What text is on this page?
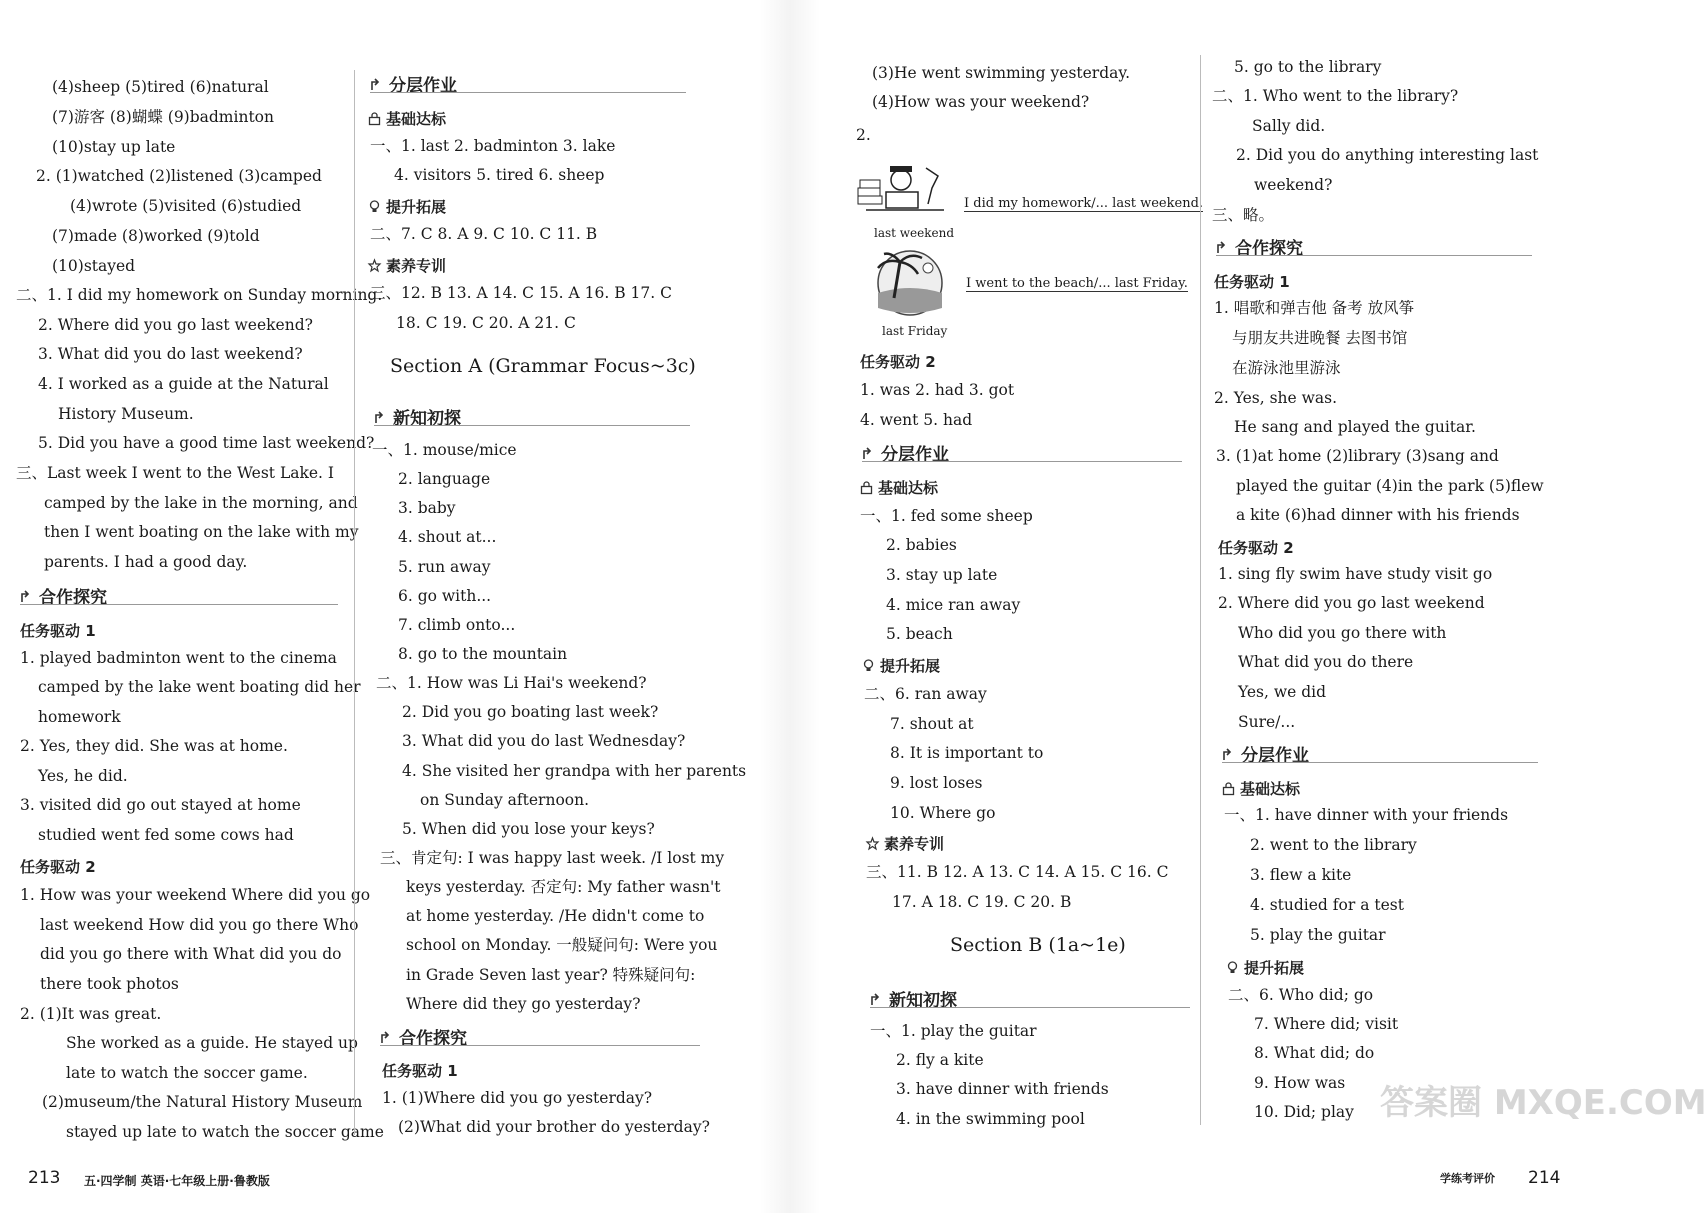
(4)sheep (5)tired (6)natural
(7)游客 (8)蝴蝶 (9)badminton
(10)stay up late
2. (1)watched (2)listened (3)camped
(4)wrote (5)visited (6)studied
(7)made (8)worked (9)told
(10)stayed
二、1. I did my homework on Sunday morning.
2. Where did you go last weekend?
3. What did you do last weekend?
4. I worked as a guide at the Natural
History Museum.
5. Did you have a good time last weekend?
三、Last week I went to the West Lake. I
camped by the lake in the morning, and
then I went boating on the lake with my
parents. I had a good day.
合作探究
任务驱动 1
1. played badminton went to the cinema
camped by the lake went boating did her
homework
2. Yes, they did. She was at home.
Yes, he did.
3. visited did go out stayed at home
studied went fed some cows had
任务驱动 2
1. How was your weekend Where did you go
last weekend How did you go there Who
did you go there with What did you do
there took photos
2. (1)It was great.
She worked as a guide. He stayed up
late to watch the soccer game.
(2)museum/the Natural History Museum
stayed up late to watch the soccer game
分层作业
基础达标
一、1. last 2. badminton 3. lake
4. visitors 5. tired 6. sheep
提升拓展
二、7. C 8. A 9. C 10. C 11. B
素养专训
三、12. B 13. A 14. C 15. A 16. B 17. C
18. C 19. C 20. A 21. C
Section A (Grammar Focus~3c)
新知初探
一、1. mouse/mice
2. language
3. baby
4. shout at...
5. run away
6. go with...
7. climb onto...
8. go to the mountain
二、1. How was Li Hai's weekend?
2. Did you go boating last week?
3. What did you do last Wednesday?
4. She visited her grandpa with her parents
on Sunday afternoon.
5. When did you lose your keys?
三、肯定句: I was happy last week. /I lost my
keys yesterday. 否定句: My father wasn't
at home yesterday. /He didn't come to
school on Monday. 一般疑问句: Were you
in Grade Seven last year? 特殊疑问句:
Where did they go yesterday?
合作探究
任务驱动 1
1. (1)Where did you go yesterday?
(2)What did your brother do yesterday?
213 五·四学制 英语·七年级上册·鲁教版
(3)He went swimming yesterday.
(4)How was your weekend?
2.
I did my homework/... last weekend.
last weekend
I went to the beach/... last Friday.
last Friday
任务驱动 2
1. was 2. had 3. got
4. went 5. had
分层作业
基础达标
一、1. fed some sheep
2. babies
3. stay up late
4. mice ran away
5. beach
提升拓展
二、6. ran away
7. shout at
8. It is important to
9. lost loses
10. Where go
素养专训
三、11. B 12. A 13. C 14. A 15. C 16. C
17. A 18. C 19. C 20. B
Section B (1a~1e)
新知初探
一、1. play the guitar
2. fly a kite
3. have dinner with friends
4. in the swimming pool
5. go to the library
二、1. Who went to the library?
Sally did.
2. Did you do anything interesting last
weekend?
三、略。
合作探究
任务驱动 1
1. 唱歌和弹吉他 备考 放风筝
与朋友共进晚餐 去图书馆
在游泳池里游泳
2. Yes, she was.
He sang and played the guitar.
3. (1)at home (2)library (3)sang and
played the guitar (4)in the park (5)flew
a kite (6)had dinner with his friends
任务驱动 2
1. sing fly swim have study visit go
2. Where did you go last weekend
Who did you go there with
What did you do there
Yes, we did
Sure/...
分层作业
基础达标
一、1. have dinner with your friends
2. went to the library
3. flew a kite
4. studied for a test
5. play the guitar
提升拓展
二、6. Who did; go
7. Where did; visit
8. What did; do
9. How was
10. Did; play 答案圈 MXQE.COM
学练考评价 214
